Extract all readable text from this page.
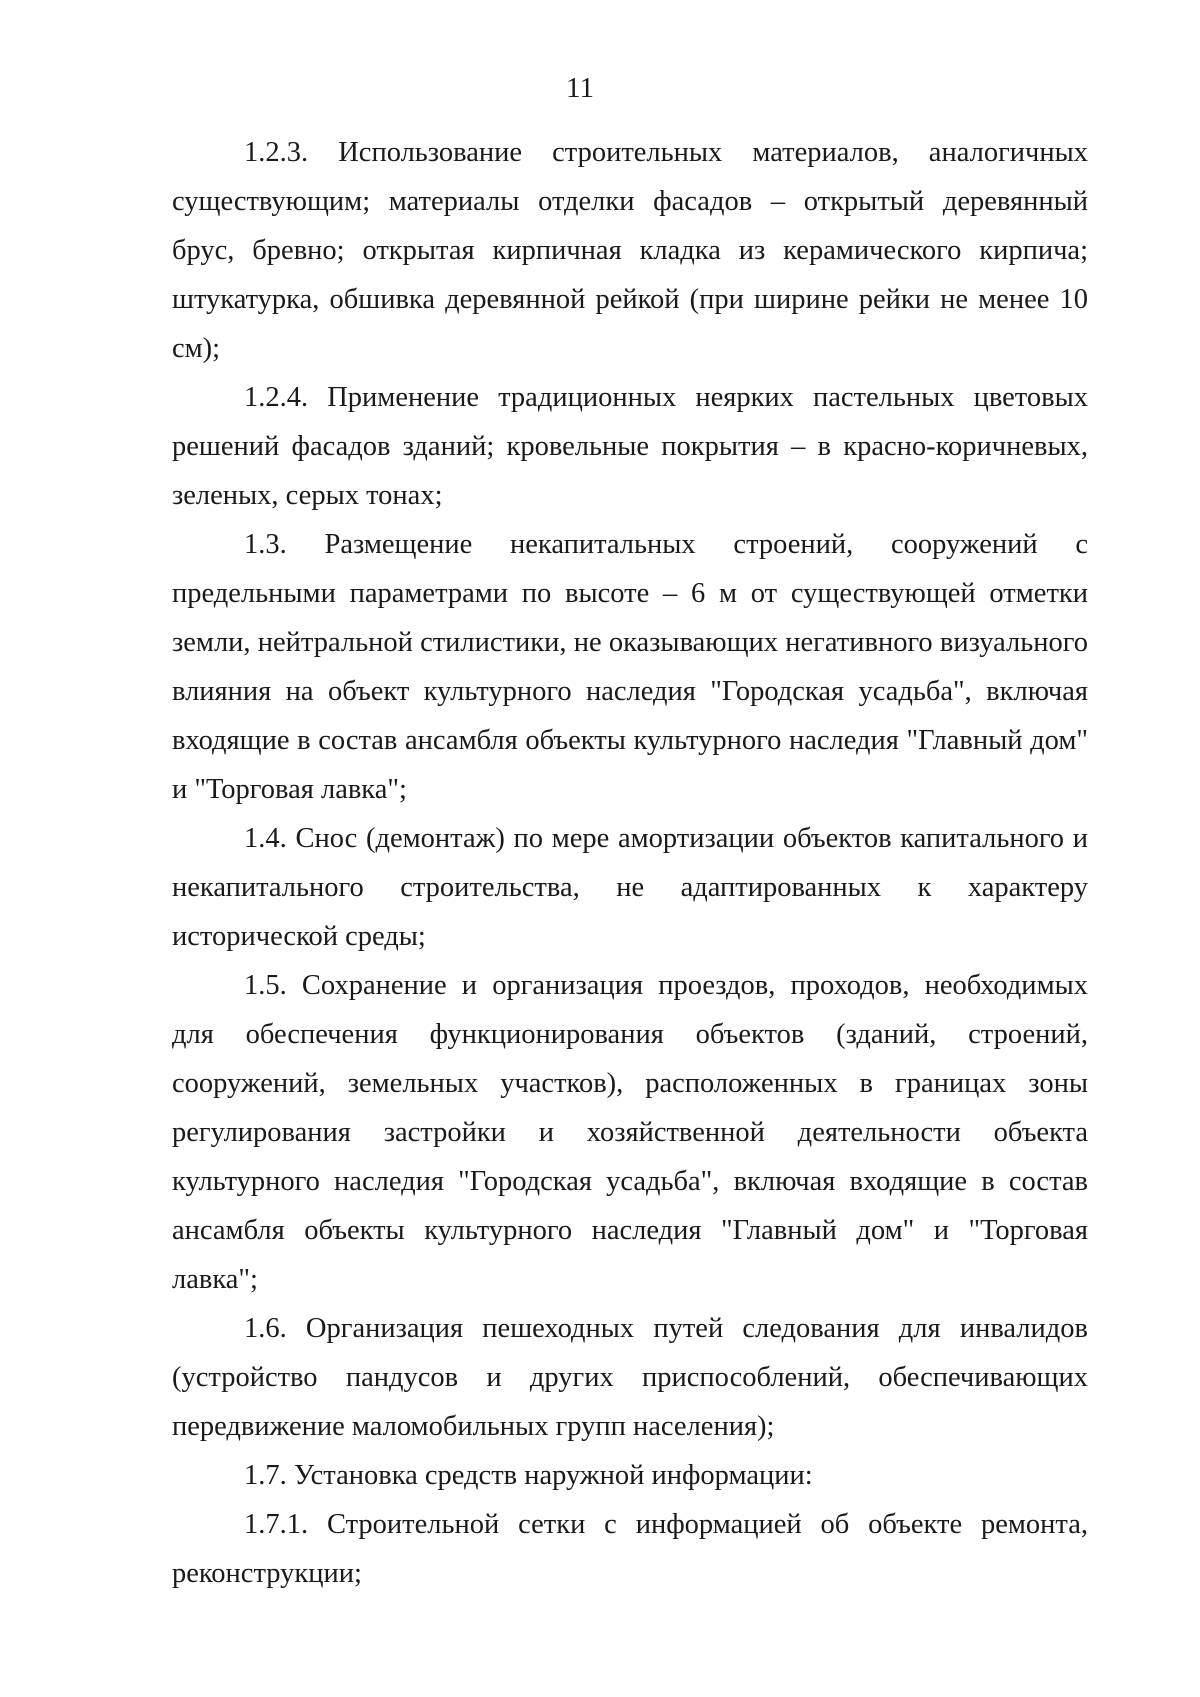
11

1.2.3. Использование строительных материалов, аналогичных существующим; материалы отделки фасадов – открытый деревянный брус, бревно; открытая кирпичная кладка из керамического кирпича; штукатурка, обшивка деревянной рейкой (при ширине рейки не менее 10 см);

1.2.4. Применение традиционных неярких пастельных цветовых решений фасадов зданий; кровельные покрытия – в красно-коричневых, зеленых, серых тонах;

1.3. Размещение некапитальных строений, сооружений с предельными параметрами по высоте – 6 м от существующей отметки земли, нейтральной стилистики, не оказывающих негативного визуального влияния на объект культурного наследия "Городская усадьба", включая входящие в состав ансамбля объекты культурного наследия "Главный дом" и "Торговая лавка";

1.4. Снос (демонтаж) по мере амортизации объектов капитального и некапитального строительства, не адаптированных к характеру исторической среды;

1.5. Сохранение и организация проездов, проходов, необходимых для обеспечения функционирования объектов (зданий, строений, сооружений, земельных участков), расположенных в границах зоны регулирования застройки и хозяйственной деятельности объекта культурного наследия "Городская усадьба", включая входящие в состав ансамбля объекты культурного наследия "Главный дом" и "Торговая лавка";

1.6. Организация пешеходных путей следования для инвалидов (устройство пандусов и других приспособлений, обеспечивающих передвижение маломобильных групп населения);

1.7. Установка средств наружной информации:

1.7.1. Строительной сетки с информацией об объекте ремонта, реконструкции;
